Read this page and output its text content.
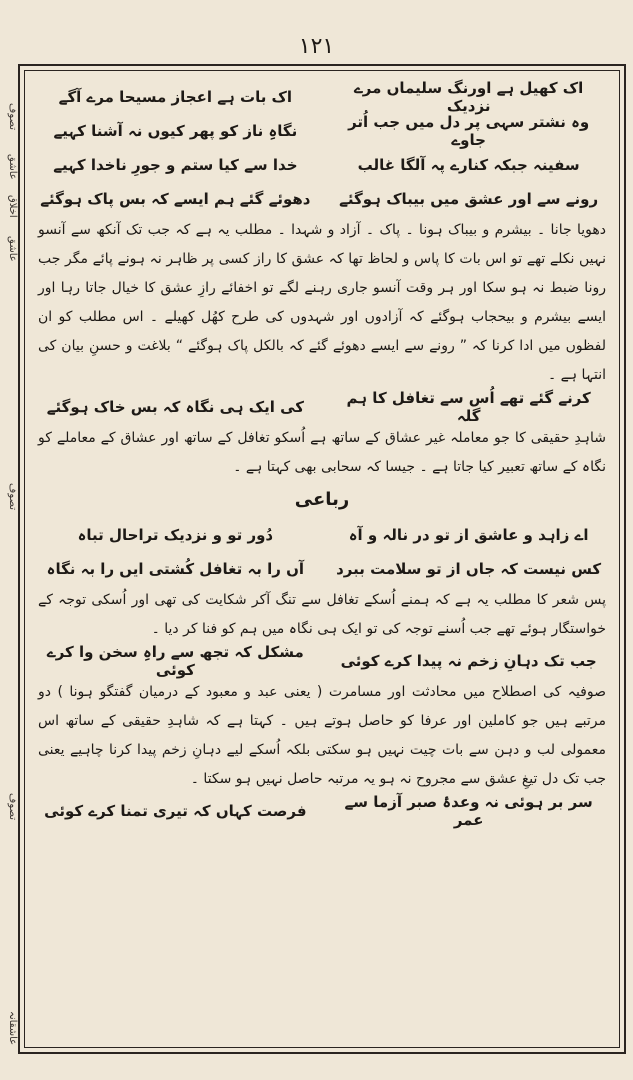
۱۲۱
تصوف
عاشق
اخلاق
عاشق
تصوف
تصوف
عاشقانہ
اک کھیل ہے اورنگ سلیماں مرے نزدیک
اک بات ہے اعجاز مسیحا مرے آگے
وہ نشتر سہی پر دل میں جب اُتر جاوے
نگاہِ ناز کو پھر کیوں نہ آشنا کہیے
سفینہ جبکہ کنارے پہ آلگا غالب
خدا سے کیا ستم و جورِ ناخدا کہیے
رونے سے اور عشق میں بیباک ہوگئے
دھوئے گئے ہم ایسے کہ بس پاک ہوگئے

دھویا جانا ۔ بیشرم و بیباک ہونا ۔ پاک ۔ آزاد و شہدا ۔ مطلب یہ ہے کہ جب تک آنکھ سے آنسو نہیں نکلے تھے تو اس بات کا پاس و لحاظ تھا کہ عشق کا راز کسی پر ظاہر نہ ہونے پائے مگر جب رونا ضبط نہ ہو سکا اور ہر وقت آنسو جاری رہنے لگے تو اخفائے رازِ عشق کا خیال جاتا رہا اور ایسے بیشرم و بیحجاب ہوگئے کہ آزادوں اور شہدوں کی طرح کھُل کھیلے ۔ اس مطلب کو ان لفظوں میں ادا کرنا کہ ” رونے سے ایسے دھوئے گئے کہ بالکل پاک ہوگئے “ بلاغت و حسنِ بیان کی انتہا ہے ۔

کرنے گئے تھے اُس سے تغافل کا ہم گلہ
کی ایک ہی نگاہ کہ بس خاک ہوگئے

شاہدِ حقیقی کا جو معاملہ غیر عشاق کے ساتھ ہے اُسکو تغافل کے ساتھ اور عشاق کے معاملے کو نگاہ کے ساتھ تعبیر کیا جاتا ہے ۔ جیسا کہ سحابی بھی کہتا ہے ۔

رباعی
اے زاہد و عاشق از تو در نالہ و آہ
دُور تو و نزدیک تراحال تباہ
کس نیست کہ جاں از تو سلامت ببرد
آں را بہ تغافل کُشتی ایں را بہ نگاہ

پس شعر کا مطلب یہ ہے کہ ہمنے اُسکے تغافل سے تنگ آکر شکایت کی تھی اور اُسکی توجہ کے خواستگار ہوئے تھے جب اُسنے توجہ کی تو ایک ہی نگاہ میں ہم کو فنا کر دیا ۔

جب تک دہانِ زخم نہ پیدا کرے کوئی
مشکل کہ تجھ سے راہِ سخن وا کرے کوئی

صوفیہ کی اصطلاح میں محادثت اور مسامرت ( یعنی عبد و معبود کے درمیان گفتگو ہونا ) دو مرتبے ہیں جو کاملین اور عرفا کو حاصل ہوتے ہیں ۔ کہتا ہے کہ شاہدِ حقیقی کے ساتھ اس معمولی لب و دہن سے بات چیت نہیں ہو سکتی بلکہ اُسکے لیے دہانِ زخم پیدا کرنا چاہیے یعنی جب تک دل تیغِ عشق سے مجروح نہ ہو یہ مرتبہ حاصل نہیں ہو سکتا ۔

سر بر ہوئی نہ وعدۂ صبر آزما سے عمر
فرصت کہاں کہ تیری تمنا کرے کوئی
